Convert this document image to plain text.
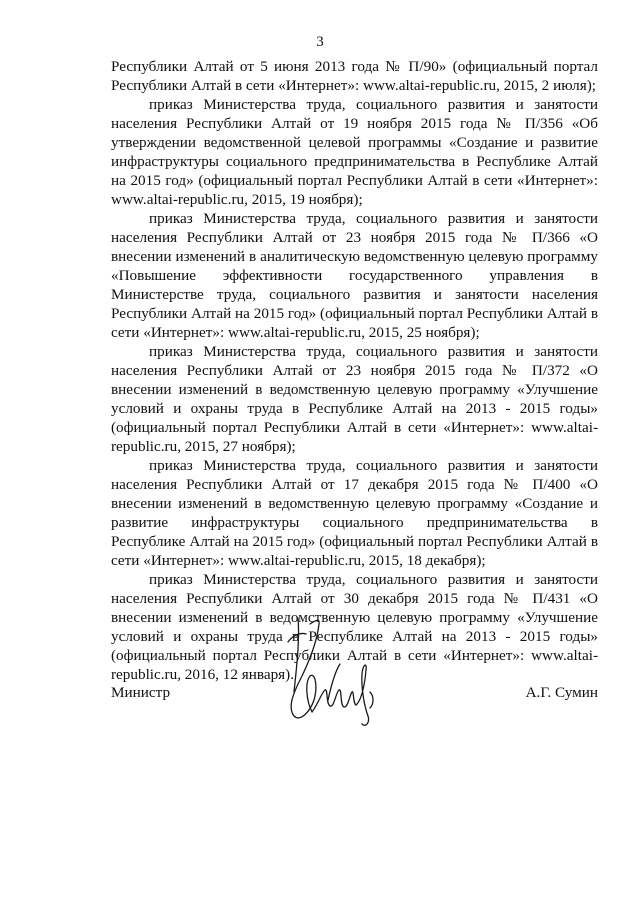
3

Республики Алтай от 5 июня 2013 года № П/90» (официальный портал Республики Алтай в сети «Интернет»: www.altai-republic.ru, 2015, 2 июля);

приказ Министерства труда, социального развития и занятости населения Республики Алтай от 19 ноября 2015 года № П/356 «Об утверждении ведомственной целевой программы «Создание и развитие инфраструктуры социального предпринимательства в Республике Алтай на 2015 год» (официальный портал Республики Алтай в сети «Интернет»: www.altai-republic.ru, 2015, 19 ноября);

приказ Министерства труда, социального развития и занятости населения Республики Алтай от 23 ноября 2015 года № П/366 «О внесении изменений в аналитическую ведомственную целевую программу «Повышение эффективности государственного управления в Министерстве труда, социального развития и занятости населения Республики Алтай на 2015 год» (официальный портал Республики Алтай в сети «Интернет»: www.altai-republic.ru, 2015, 25 ноября);

приказ Министерства труда, социального развития и занятости населения Республики Алтай от 23 ноября 2015 года № П/372 «О внесении изменений в ведомственную целевую программу «Улучшение условий и охраны труда в Республике Алтай на 2013 - 2015 годы» (официальный портал Республики Алтай в сети «Интернет»: www.altai-republic.ru, 2015, 27 ноября);

приказ Министерства труда, социального развития и занятости населения Республики Алтай от 17 декабря 2015 года № П/400 «О внесении изменений в ведомственную целевую программу «Создание и развитие инфраструктуры социального предпринимательства в Республике Алтай на 2015 год» (официальный портал Республики Алтай в сети «Интернет»: www.altai-republic.ru, 2015, 18 декабря);

приказ Министерства труда, социального развития и занятости населения Республики Алтай от 30 декабря 2015 года № П/431 «О внесении изменений в ведомственную целевую программу «Улучшение условий и охраны труда в Республике Алтай на 2013 - 2015 годы» (официальный портал Республики Алтай в сети «Интернет»: www.altai-republic.ru, 2016, 12 января).

Министр	А.Г. Сумин
